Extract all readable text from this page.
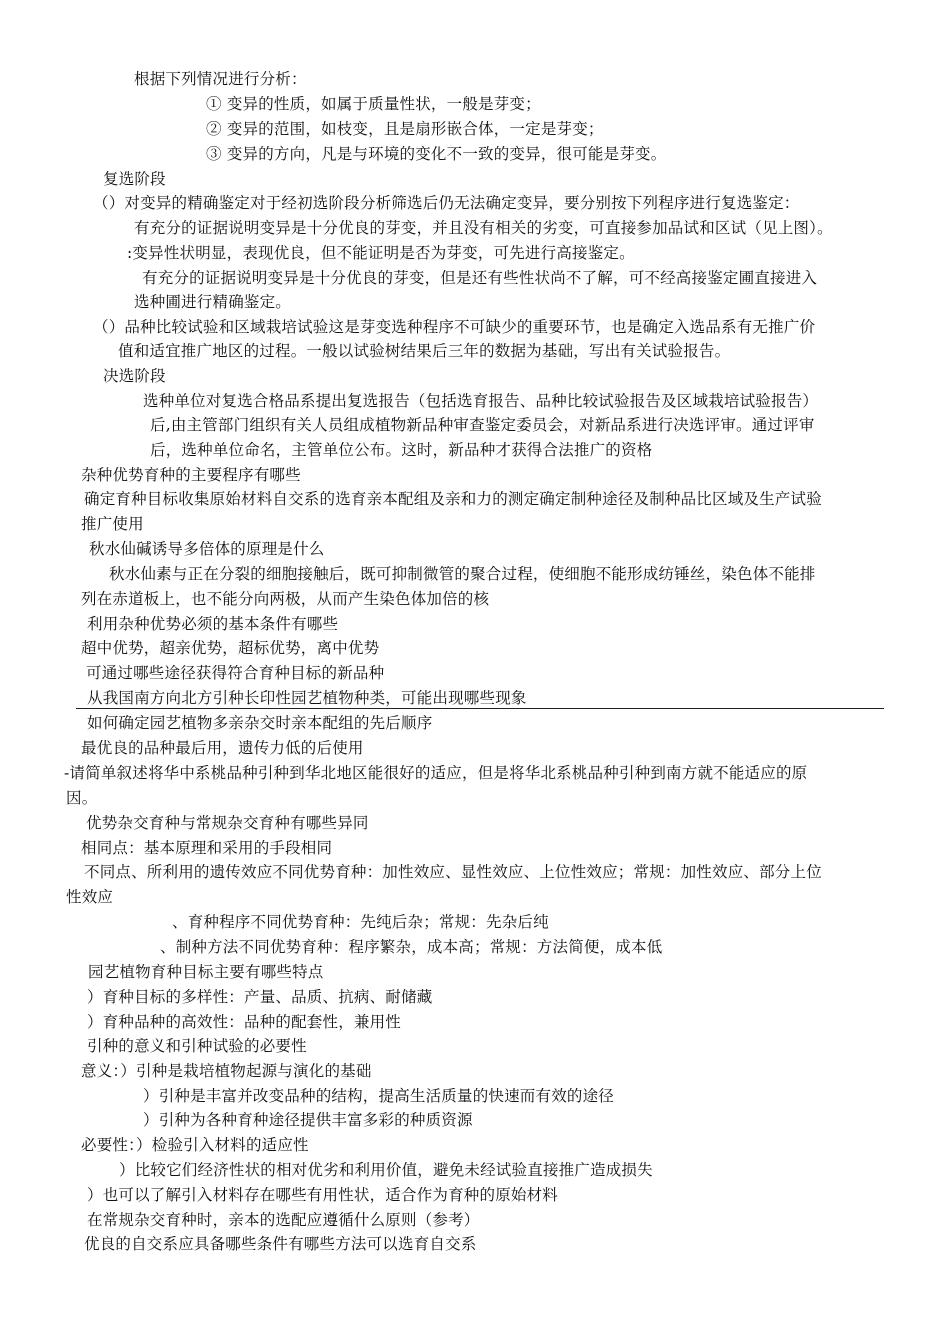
根据下列情况进行分析：
① 变异的性质，如属于质量性状，一般是芽变；
② 变异的范围，如枝变，且是扇形嵌合体，一定是芽变；
③ 变异的方向，凡是与环境的变化不一致的变异，很可能是芽变。
复选阶段
（）对变异的精确鉴定对于经初选阶段分析筛选后仍无法确定变异，要分别按下列程序进行复选鉴定：
有充分的证据说明变异是十分优良的芽变，并且没有相关的劣变，可直接参加品试和区试（见上图）。
:变异性状明显，表现优良，但不能证明是否为芽变，可先进行高接鉴定。
有充分的证据说明变异是十分优良的芽变，但是还有些性状尚不了解，可不经高接鉴定圃直接进入
选种圃进行精确鉴定。
（）品种比较试验和区域栽培试验这是芽变选种程序不可缺少的重要环节，也是确定入选品系有无推广价
值和适宜推广地区的过程。一般以试验树结果后三年的数据为基础，写出有关试验报告。
决选阶段
选种单位对复选合格品系提出复选报告（包括选育报告、品种比较试验报告及区域栽培试验报告）
后,由主管部门组织有关人员组成植物新品种审查鉴定委员会，对新品系进行决选评审。通过评审
后，选种单位命名，主管单位公布。这时，新品种才获得合法推广的资格
杂种优势育种的主要程序有哪些
确定育种目标收集原始材料自交系的选育亲本配组及亲和力的测定确定制种途径及制种品比区域及生产试验
推广使用
秋水仙碱诱导多倍体的原理是什么
秋水仙素与正在分裂的细胞接触后，既可抑制微管的聚合过程，使细胞不能形成纺锤丝，染色体不能排
列在赤道板上，也不能分向两极，从而产生染色体加倍的核
利用杂种优势必须的基本条件有哪些
超中优势，超亲优势，超标优势，离中优势
可通过哪些途径获得符合育种目标的新品种
从我国南方向北方引种长印性园艺植物种类，可能出现哪些现象
如何确定园艺植物多亲杂交时亲本配组的先后顺序
最优良的品种最后用，遗传力低的后使用
-请简单叙述将华中系桃品种引种到华北地区能很好的适应，但是将华北系桃品种引种到南方就不能适应的原
因。
优势杂交育种与常规杂交育种有哪些异同
相同点：基本原理和采用的手段相同
不同点、所利用的遗传效应不同优势育种：加性效应、显性效应、上位性效应；常规：加性效应、部分上位
性效应
、育种程序不同优势育种：先纯后杂；常规：先杂后纯
、制种方法不同优势育种：程序繁杂，成本高；常规：方法简便，成本低
园艺植物育种目标主要有哪些特点
）育种目标的多样性：产量、品质、抗病、耐储藏
）育种品种的高效性：品种的配套性，兼用性
引种的意义和引种试验的必要性
意义：）引种是栽培植物起源与演化的基础
）引种是丰富并改变品种的结构，提高生活质量的快速而有效的途径
）引种为各种育种途径提供丰富多彩的种质资源
必要性：）检验引入材料的适应性
）比较它们经济性状的相对优劣和利用价值，避免未经试验直接推广造成损失
）也可以了解引入材料存在哪些有用性状，适合作为育种的原始材料
在常规杂交育种时，亲本的选配应遵循什么原则（参考）
优良的自交系应具备哪些条件有哪些方法可以选育自交系
